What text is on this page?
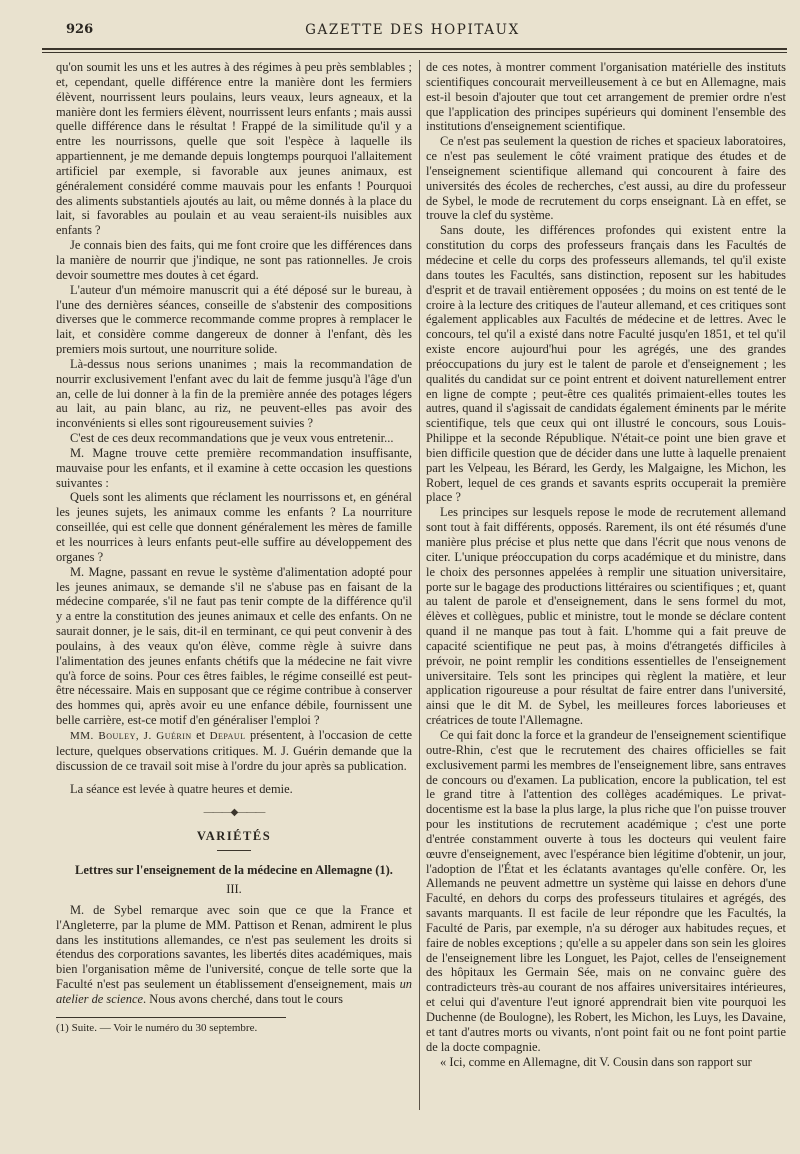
926	GAZETTE DES HOPITAUX

qu'on soumit les uns et les autres à des régimes à peu près semblables ; et, cependant, quelle différence entre la manière dont les fermiers élèvent, nourrissent leurs poulains, leurs veaux, leurs agneaux, et la manière dont les fermiers élèvent, nourrissent leurs enfants ; mais aussi quelle différence dans le résultat ! Frappé de la similitude qu'il y a entre les nourrissons, quelle que soit l'espèce à laquelle ils appartiennent, je me demande depuis longtemps pourquoi l'allaitement artificiel par exemple, si favorable aux jeunes animaux, est généralement considéré comme mauvais pour les enfants ! Pourquoi des aliments substantiels ajoutés au lait, ou même donnés à la place du lait, si favorables au poulain et au veau seraient-ils nuisibles aux enfants ?

Je connais bien des faits, qui me font croire que les différences dans la manière de nourrir que j'indique, ne sont pas rationnelles. Je crois devoir soumettre mes doutes à cet égard.

L'auteur d'un mémoire manuscrit qui a été déposé sur le bureau, à l'une des dernières séances, conseille de s'abstenir des compositions diverses que le commerce recommande comme propres à remplacer le lait, et considère comme dangereux de donner à l'enfant, dès les premiers mois surtout, une nourriture solide.

Là-dessus nous serions unanimes ; mais la recommandation de nourrir exclusivement l'enfant avec du lait de femme jusqu'à l'âge d'un an, celle de lui donner à la fin de la première année des potages légers au lait, au pain blanc, au riz, ne peuvent-elles pas avoir des inconvénients si elles sont rigoureusement suivies ?

C'est de ces deux recommandations que je veux vous entretenir...

M. Magne trouve cette première recommandation insuffisante, mauvaise pour les enfants, et il examine à cette occasion les questions suivantes :

Quels sont les aliments que réclament les nourrissons et, en général les jeunes sujets, les animaux comme les enfants ? La nourriture conseillée, qui est celle que donnent généralement les mères de famille et les nourrices à leurs enfants peut-elle suffire au développement des organes ?

M. Magne, passant en revue le système d'alimentation adopté pour les jeunes animaux, se demande s'il ne s'abuse pas en faisant de la médecine comparée, s'il ne faut pas tenir compte de la différence qu'il y a entre la constitution des jeunes animaux et celle des enfants. On ne saurait donner, je le sais, dit-il en terminant, ce qui peut convenir à des poulains, à des veaux qu'on élève, comme règle à suivre dans l'alimentation des jeunes enfants chétifs que la médecine ne fait vivre qu'à force de soins. Pour ces êtres faibles, le régime conseillé est peut-être nécessaire. Mais en supposant que ce régime contribue à conserver des hommes qui, après avoir eu une enfance débile, fournissent une belle carrière, est-ce motif d'en généraliser l'emploi ?

MM. Bouley, J. Guérin et Depaul présentent, à l'occasion de cette lecture, quelques observations critiques. M. J. Guérin demande que la discussion de ce travail soit mise à l'ordre du jour après sa publication.

La séance est levée à quatre heures et demie.

———◆———
VARIÉTÉS
Lettres sur l'enseignement de la médecine en Allemagne (1).
III.

M. de Sybel remarque avec soin que ce que la France et l'Angleterre, par la plume de MM. Pattison et Renan, admirent le plus dans les institutions allemandes, ce n'est pas seulement les droits si étendus des corporations savantes, les libertés dites académiques, mais bien l'organisation même de l'université, conçue de telle sorte que la Faculté n'est pas seulement un établissement d'enseignement, mais un atelier de science. Nous avons cherché, dans tout le cours

(1) Suite. — Voir le numéro du 30 septembre.

de ces notes, à montrer comment l'organisation matérielle des instituts scientifiques concourait merveilleusement à ce but en Allemagne, mais est-il besoin d'ajouter que tout cet arrangement de premier ordre n'est que l'application des principes supérieurs qui dominent l'ensemble des institutions d'enseignement scientifique.

Ce n'est pas seulement la question de riches et spacieux laboratoires, ce n'est pas seulement le côté vraiment pratique des études et de l'enseignement scientifique allemand qui concourent à faire des universités des écoles de recherches, c'est aussi, au dire du professeur de Sybel, le mode de recrutement du corps enseignant. Là en effet, se trouve la clef du système.

Sans doute, les différences profondes qui existent entre la constitution du corps des professeurs français dans les Facultés de médecine et celle du corps des professeurs allemands, tel qu'il existe dans toutes les Facultés, sans distinction, reposent sur les habitudes d'esprit et de travail entièrement opposées ; du moins on est tenté de le croire à la lecture des critiques de l'auteur allemand, et ces critiques sont également applicables aux Facultés de médecine et de lettres. Avec le concours, tel qu'il a existé dans notre Faculté jusqu'en 1851, et tel qu'il existe encore aujourd'hui pour les agrégés, une des grandes préoccupations du jury est le talent de parole et d'enseignement ; les qualités du candidat sur ce point entrent et doivent naturellement entrer en ligne de compte ; peut-être ces qualités primaient-elles toutes les autres, quand il s'agissait de candidats également éminents par le mérite scientifique, tels que ceux qui ont illustré le concours, sous Louis-Philippe et la seconde République. N'était-ce point une bien grave et bien difficile question que de décider dans une lutte à laquelle prenaient part les Velpeau, les Bérard, les Gerdy, les Malgaigne, les Michon, les Robert, lequel de ces grands et savants esprits occuperait la première place ?

Les principes sur lesquels repose le mode de recrutement allemand sont tout à fait différents, opposés. Rarement, ils ont été résumés d'une manière plus précise et plus nette que dans l'écrit que nous venons de citer. L'unique préoccupation du corps académique et du ministre, dans le choix des personnes appelées à remplir une situation universitaire, porte sur le bagage des productions littéraires ou scientifiques ; et, quant au talent de parole et d'enseignement, dans le sens formel du mot, élèves et collègues, public et ministre, tout le monde se déclare content quand il ne manque pas tout à fait. L'homme qui a fait preuve de capacité scientifique ne peut pas, à moins d'étrangetés difficiles à prévoir, ne point remplir les conditions essentielles de l'enseignement universitaire. Tels sont les principes qui règlent la matière, et leur application rigoureuse a pour résultat de faire entrer dans l'université, ainsi que le dit M. de Sybel, les meilleures forces laborieuses et créatrices de toute l'Allemagne.

Ce qui fait donc la force et la grandeur de l'enseignement scientifique outre-Rhin, c'est que le recrutement des chaires officielles se fait exclusivement parmi les membres de l'enseignement libre, sans entraves de concours ou d'examen. La publication, encore la publication, tel est le grand titre à l'attention des collèges académiques. Le privat-docentisme est la base la plus large, la plus riche que l'on puisse trouver pour les institutions de recrutement académique ; c'est une porte d'entrée constamment ouverte à tous les docteurs qui veulent faire œuvre d'enseignement, avec l'espérance bien légitime d'obtenir, un jour, l'adoption de l'État et les éclatants avantages qu'elle confère. Or, les Allemands ne peuvent admettre un système qui laisse en dehors d'une Faculté, en dehors du corps des professeurs titulaires et agrégés, des savants marquants. Il est facile de leur répondre que les Facultés, la Faculté de Paris, par exemple, n'a su déroger aux habitudes reçues, et faire de nobles exceptions ; qu'elle a su appeler dans son sein les gloires de l'enseignement libre les Longuet, les Pajot, celles de l'enseignement des hôpitaux les Germain Sée, mais on ne convainc guère des contradicteurs très-au courant de nos affaires universitaires intérieures, et celui qui d'aventure l'eut ignoré apprendrait bien vite pourquoi les Duchenne (de Boulogne), les Robert, les Michon, les Luys, les Davaine, et tant d'autres morts ou vivants, n'ont point fait ou ne font point partie de la docte compagnie.

« Ici, comme en Allemagne, dit V. Cousin dans son rapport sur
